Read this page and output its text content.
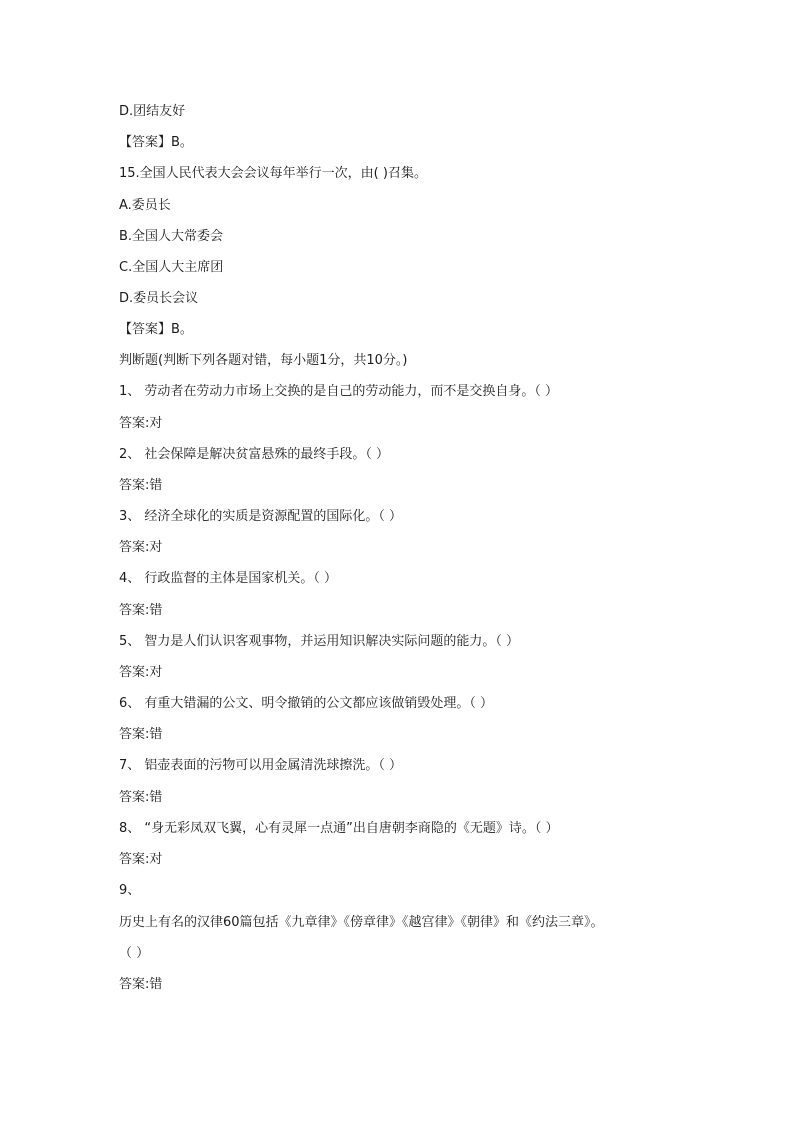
D.团结友好
【答案】B。
15.全国人民代表大会会议每年举行一次，由( )召集。
A.委员长
B.全国人大常委会
C.全国人大主席团
D.委员长会议
【答案】B。
判断题(判断下列各题对错，每小题1分，共10分。)
1、 劳动者在劳动力市场上交换的是自己的劳动能力，而不是交换自身。（ ）
答案:对
2、 社会保障是解决贫富悬殊的最终手段。（ ）
答案:错
3、 经济全球化的实质是资源配置的国际化。（ ）
答案:对
4、 行政监督的主体是国家机关。（ ）
答案:错
5、 智力是人们认识客观事物，并运用知识解决实际问题的能力。（ ）
答案:对
6、 有重大错漏的公文、明令撤销的公文都应该做销毁处理。（ ）
答案:错
7、 铝壶表面的污物可以用金属清洗球擦洗。（ ）
答案:错
8、 “身无彩凤双飞翼，心有灵犀一点通”出自唐朝李商隐的《无题》诗。（ ）
答案:对
9、
历史上有名的汉律60篇包括《九章律》《傍章律》《越宫律》《朝律》和《约法三章》。
（ ）
答案:错
